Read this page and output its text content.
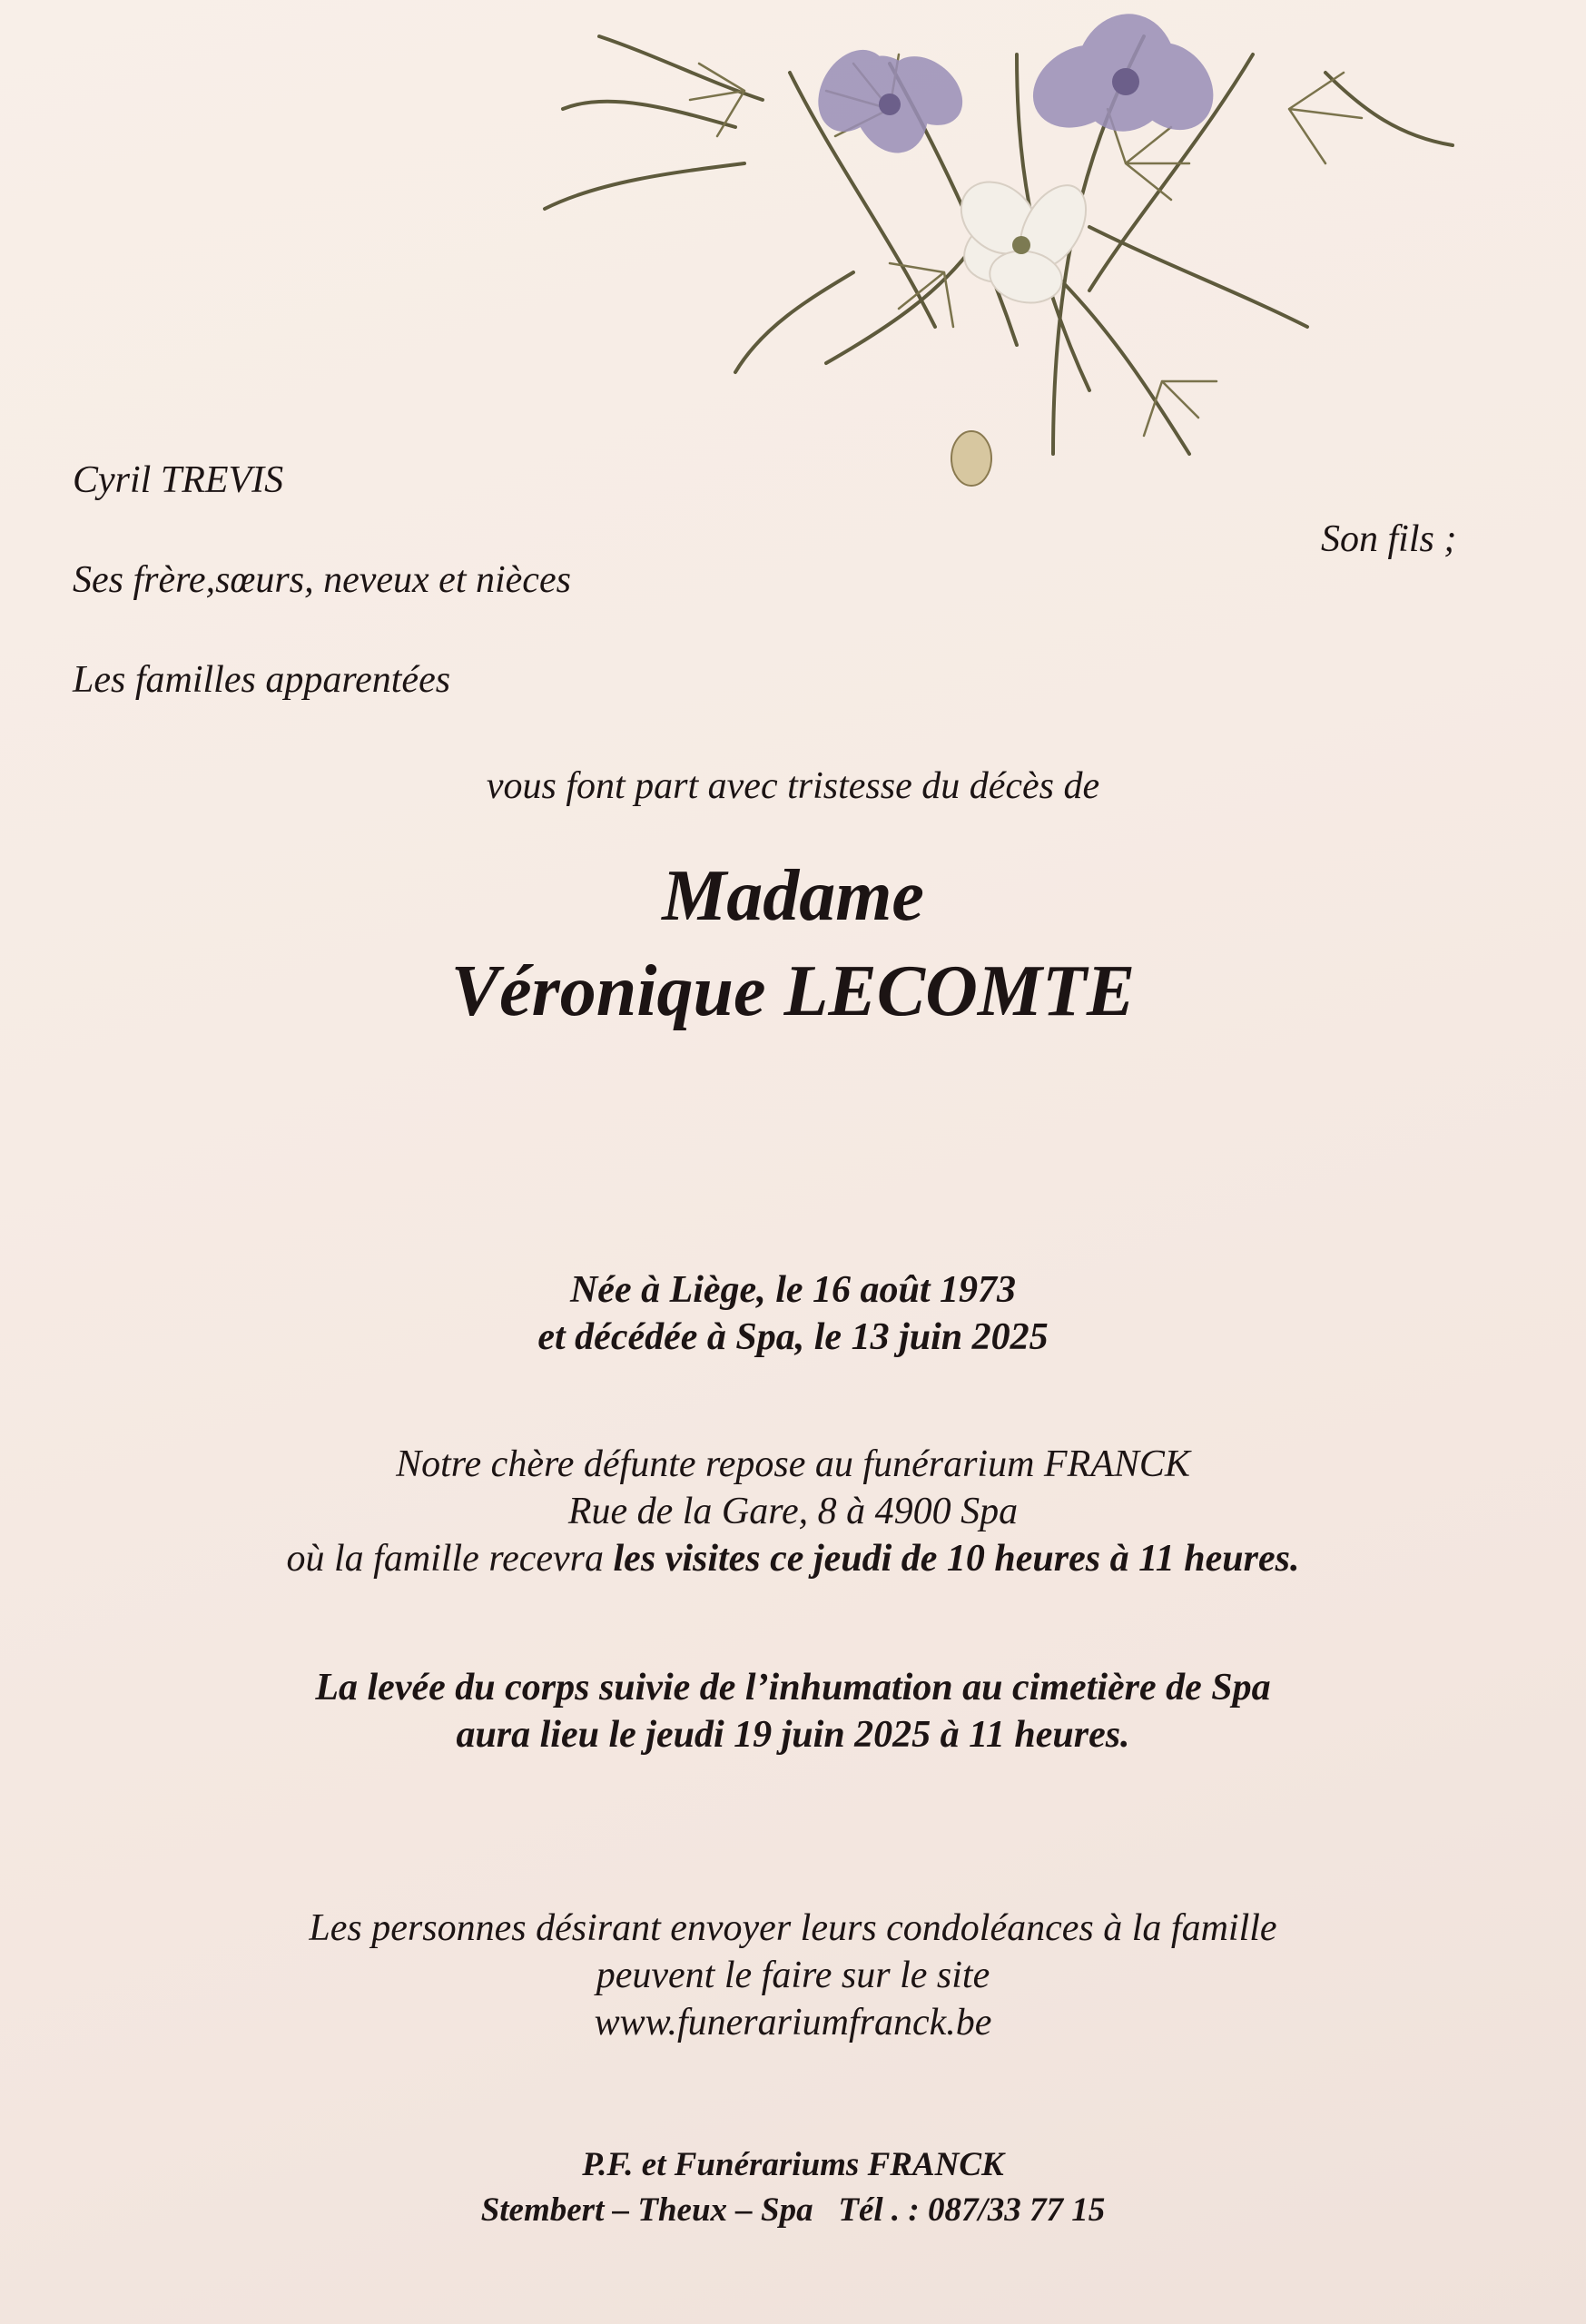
Son fils ;
Cyril TREVIS
Ses frère,sœurs, neveux et nièces
Les familles apparentées
vous font part avec tristesse du décès de
Madame
Véronique LECOMTE
Née à Liège, le 16 août 1973
et décédée à Spa, le 13 juin 2025
Notre chère défunte repose au funérarium FRANCK
Rue de la Gare, 8 à 4900 Spa
où la famille recevra les visites ce jeudi de 10 heures à 11 heures.
La levée du corps suivie de l’inhumation au cimetière de Spa
aura lieu le jeudi 19 juin 2025 à 11 heures.
Les personnes désirant envoyer leurs condoléances à la famille
peuvent le faire sur le site
www.funerariumfranck.be
P.F. et Funérariums FRANCK
Stembert – Theux – Spa   Tél . : 087/33 77 15
